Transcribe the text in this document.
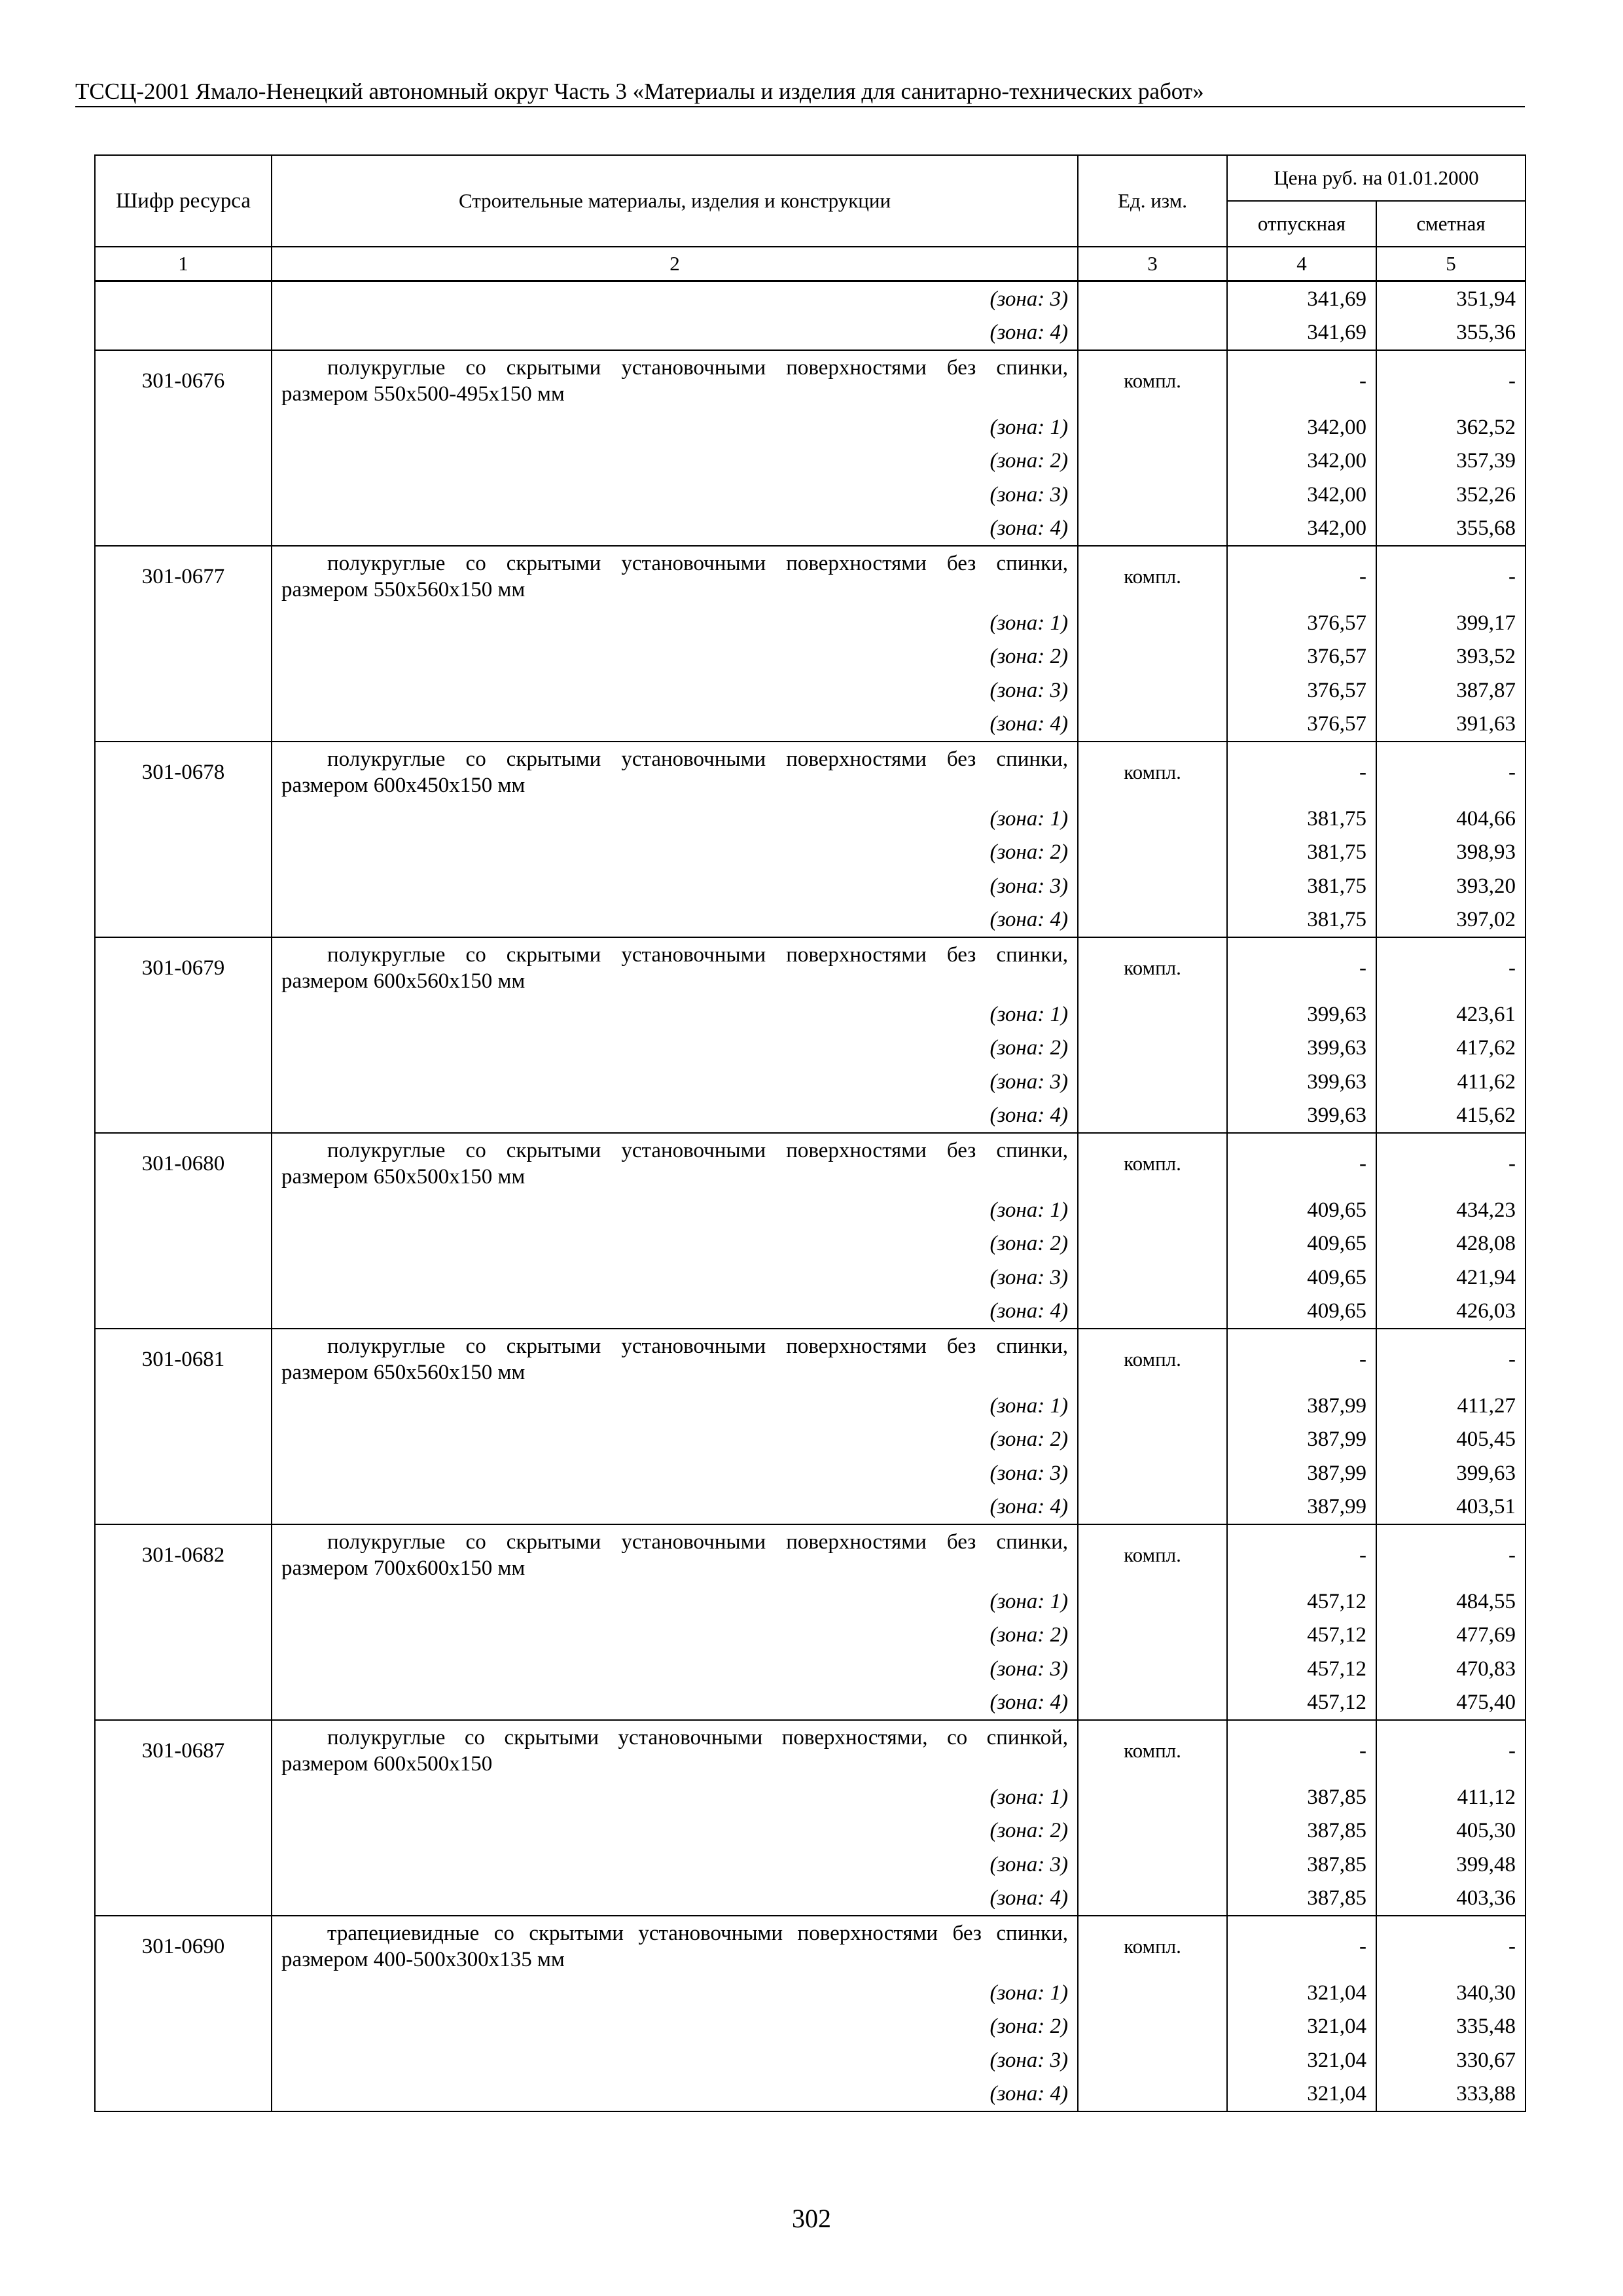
ТССЦ-2001 Ямало-Ненецкий автономный округ Часть 3 «Материалы и изделия для санитарно-технических работ»
Шифр ресурса	Строительные материалы, изделия и конструкции	Ед. изм.	Цена руб. на 01.01.2000	
			отпускная	сметная
1	2	3	4	5
	(зона: 3)		341,69	351,94
	(зона: 4)		341,69	355,36
301-0676	полукруглые со скрытыми установочными поверхностями без спинки, размером 550x500-495x150 мм	компл.	-	-
	(зона: 1)		342,00	362,52
	(зона: 2)		342,00	357,39
	(зона: 3)		342,00	352,26
	(зона: 4)		342,00	355,68
301-0677	полукруглые со скрытыми установочными поверхностями без спинки, размером 550x560x150 мм	компл.	-	-
	(зона: 1)		376,57	399,17
	(зона: 2)		376,57	393,52
	(зона: 3)		376,57	387,87
	(зона: 4)		376,57	391,63
301-0678	полукруглые со скрытыми установочными поверхностями без спинки, размером 600x450x150 мм	компл.	-	-
	(зона: 1)		381,75	404,66
	(зона: 2)		381,75	398,93
	(зона: 3)		381,75	393,20
	(зона: 4)		381,75	397,02
301-0679	полукруглые со скрытыми установочными поверхностями без спинки, размером 600x560x150 мм	компл.	-	-
	(зона: 1)		399,63	423,61
	(зона: 2)		399,63	417,62
	(зона: 3)		399,63	411,62
	(зона: 4)		399,63	415,62
301-0680	полукруглые со скрытыми установочными поверхностями без спинки, размером 650x500x150 мм	компл.	-	-
	(зона: 1)		409,65	434,23
	(зона: 2)		409,65	428,08
	(зона: 3)		409,65	421,94
	(зона: 4)		409,65	426,03
301-0681	полукруглые со скрытыми установочными поверхностями без спинки, размером 650x560x150 мм	компл.	-	-
	(зона: 1)		387,99	411,27
	(зона: 2)		387,99	405,45
	(зона: 3)		387,99	399,63
	(зона: 4)		387,99	403,51
301-0682	полукруглые со скрытыми установочными поверхностями без спинки, размером 700x600x150 мм	компл.	-	-
	(зона: 1)		457,12	484,55
	(зона: 2)		457,12	477,69
	(зона: 3)		457,12	470,83
	(зона: 4)		457,12	475,40
301-0687	полукруглые со скрытыми установочными поверхностями, со спинкой, размером 600x500x150	компл.	-	-
	(зона: 1)		387,85	411,12
	(зона: 2)		387,85	405,30
	(зона: 3)		387,85	399,48
	(зона: 4)		387,85	403,36
301-0690	трапециевидные со скрытыми установочными поверхностями без спинки, размером 400-500x300x135 мм	компл.	-	-
	(зона: 1)		321,04	340,30
	(зона: 2)		321,04	335,48
	(зона: 3)		321,04	330,67
	(зона: 4)		321,04	333,88
302
